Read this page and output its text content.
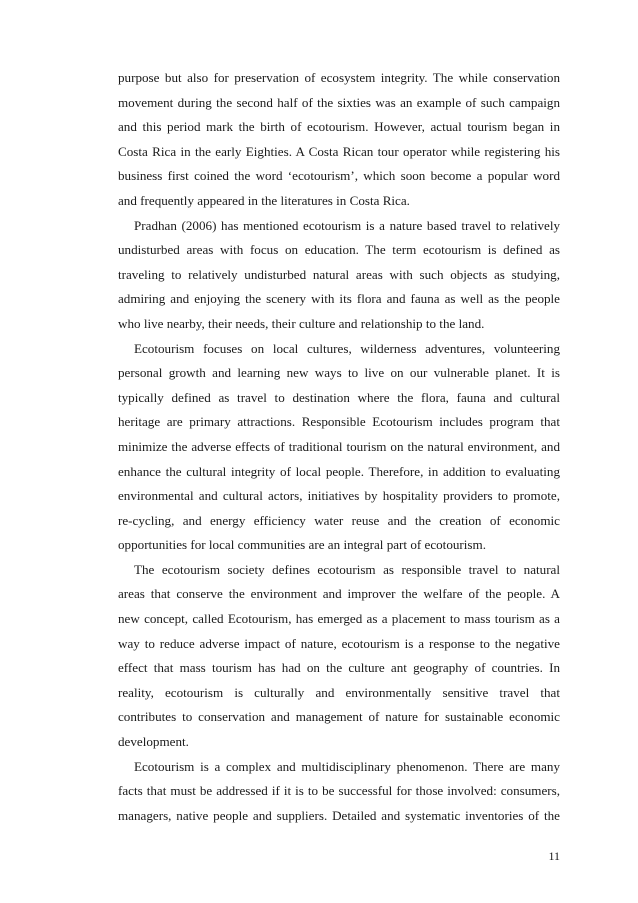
purpose but also for preservation of ecosystem integrity. The while conservation
movement during the second half of the sixties was an example of such campaign
and this period mark the birth of ecotourism. However, actual tourism began in
Costa Rica in the early Eighties. A Costa Rican tour operator while registering his
business first coined the word ‘ecotourism’, which soon become a popular word
and frequently appeared in the literatures in Costa Rica.

Pradhan (2006) has mentioned ecotourism is a nature based travel to relatively
undisturbed areas with focus on education. The term ecotourism is defined as
traveling to relatively undisturbed natural areas with such objects as studying,
admiring and enjoying the scenery with its flora and fauna as well as the people
who live nearby, their needs, their culture and relationship to the land.

Ecotourism focuses on local cultures, wilderness adventures, volunteering
personal growth and learning new ways to live on our vulnerable planet. It is
typically defined as travel to destination where the flora, fauna and cultural
heritage are primary attractions. Responsible Ecotourism includes program that
minimize the adverse effects of traditional tourism on the natural environment, and
enhance the cultural integrity of local people. Therefore, in addition to evaluating
environmental and cultural actors, initiatives by hospitality providers to promote,
re-cycling, and energy efficiency water reuse and the creation of economic
opportunities for local communities are an integral part of ecotourism.

The ecotourism society defines ecotourism as responsible travel to natural
areas that conserve the environment and improver the welfare of the people. A
new concept, called Ecotourism, has emerged as a placement to mass tourism as a
way to reduce adverse impact of nature, ecotourism is a response to the negative
effect that mass tourism has had on the culture ant geography of countries. In
reality, ecotourism is culturally and environmentally sensitive travel that
contributes to conservation and management of nature for sustainable economic
development.

Ecotourism is a complex and multidisciplinary phenomenon. There are many
facts that must be addressed if it is to be successful for those involved: consumers,
managers, native people and suppliers. Detailed and systematic inventories of the

11
